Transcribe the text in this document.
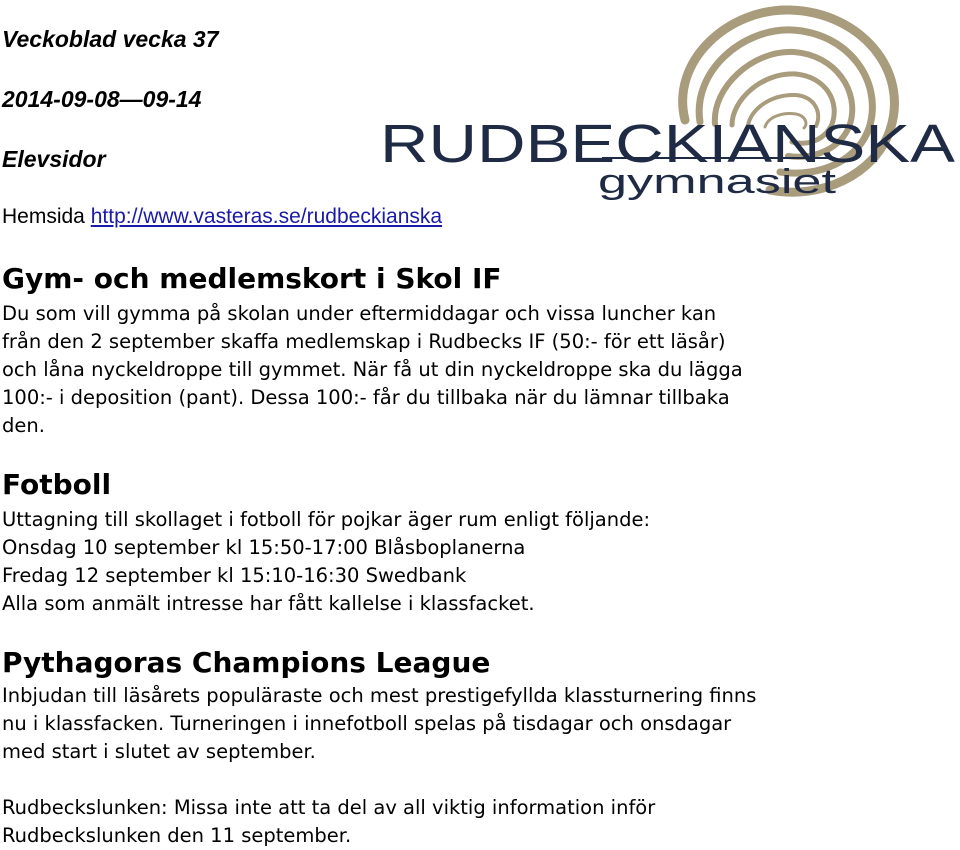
Veckoblad vecka 37
2014-09-08—09-14
Elevsidor
Hemsida http://www.vasteras.se/rudbeckianska
RUDBECKIANSKA
gymnasiet
Gym- och medlemskort i Skol IF
Du som vill gymma på skolan under eftermiddagar och vissa luncher kan
från den 2 september skaffa medlemskap i Rudbecks IF (50:- för ett läsår)
och låna nyckeldroppe till gymmet. När få ut din nyckeldroppe ska du lägga
100:- i deposition (pant). Dessa 100:- får du tillbaka när du lämnar tillbaka
den.
Fotboll
Uttagning till skollaget i fotboll för pojkar äger rum enligt följande:
Onsdag 10 september kl 15:50-17:00 Blåsboplanerna
Fredag 12 september kl 15:10-16:30 Swedbank
Alla som anmält intresse har fått kallelse i klassfacket.
Pythagoras Champions League
Inbjudan till läsårets populäraste och mest prestigefyllda klassturnering finns
nu i klassfacken. Turneringen i innefotboll spelas på tisdagar och onsdagar
med start i slutet av september.
Rudbeckslunken: Missa inte att ta del av all viktig information inför
Rudbeckslunken den 11 september.
